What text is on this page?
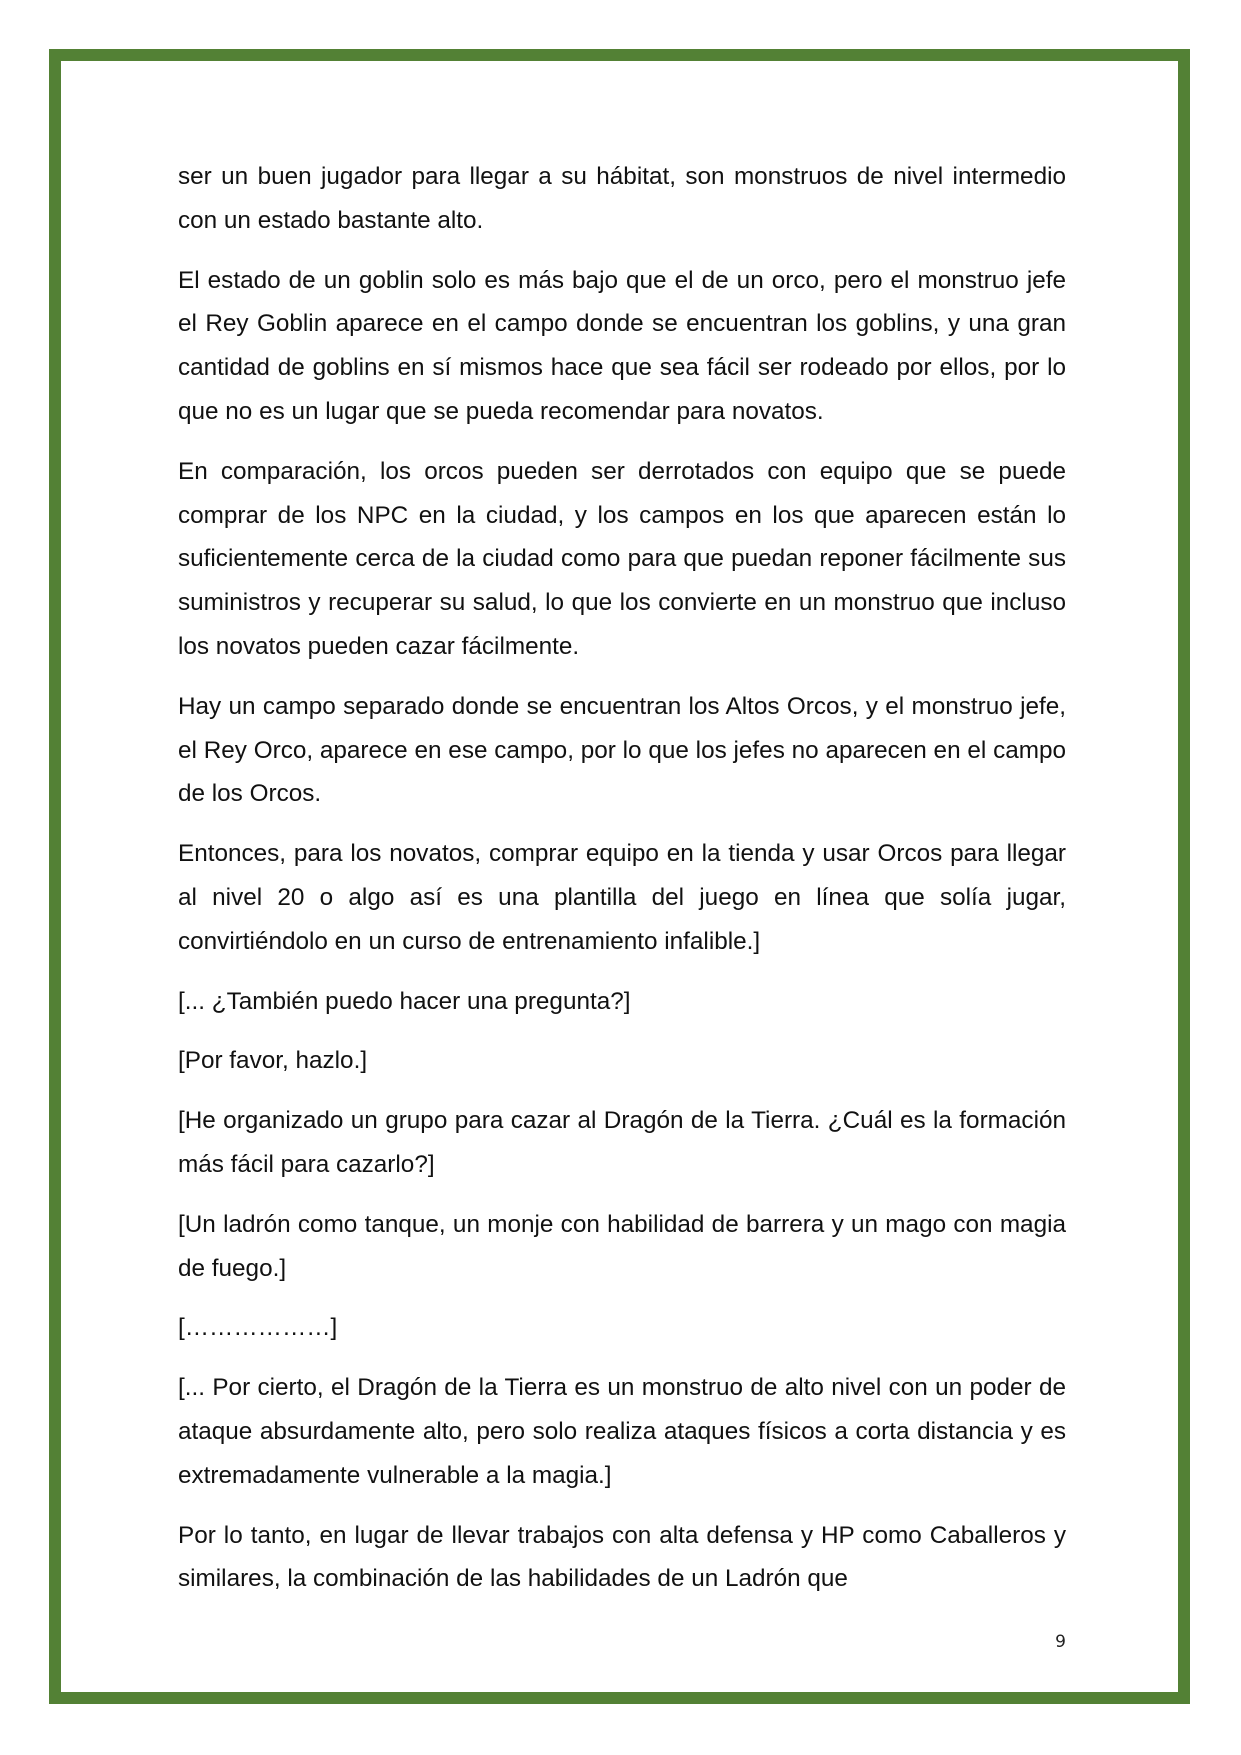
ser un buen jugador para llegar a su hábitat, son monstruos de nivel intermedio con un estado bastante alto.

El estado de un goblin solo es más bajo que el de un orco, pero el monstruo jefe el Rey Goblin aparece en el campo donde se encuentran los goblins, y una gran cantidad de goblins en sí mismos hace que sea fácil ser rodeado por ellos, por lo que no es un lugar que se pueda recomendar para novatos.

En comparación, los orcos pueden ser derrotados con equipo que se puede comprar de los NPC en la ciudad, y los campos en los que aparecen están lo suficientemente cerca de la ciudad como para que puedan reponer fácilmente sus suministros y recuperar su salud, lo que los convierte en un monstruo que incluso los novatos pueden cazar fácilmente.

Hay un campo separado donde se encuentran los Altos Orcos, y el monstruo jefe, el Rey Orco, aparece en ese campo, por lo que los jefes no aparecen en el campo de los Orcos.

Entonces, para los novatos, comprar equipo en la tienda y usar Orcos para llegar al nivel 20 o algo así es una plantilla del juego en línea que solía jugar, convirtiéndolo en un curso de entrenamiento infalible.]

[... ¿También puedo hacer una pregunta?]

[Por favor, hazlo.]

[He organizado un grupo para cazar al Dragón de la Tierra. ¿Cuál es la formación más fácil para cazarlo?]

[Un ladrón como tanque, un monje con habilidad de barrera y un mago con magia de fuego.]

[………………]

[... Por cierto, el Dragón de la Tierra es un monstruo de alto nivel con un poder de ataque absurdamente alto, pero solo realiza ataques físicos a corta distancia y es extremadamente vulnerable a la magia.]

Por lo tanto, en lugar de llevar trabajos con alta defensa y HP como Caballeros y similares, la combinación de las habilidades de un Ladrón que

9
